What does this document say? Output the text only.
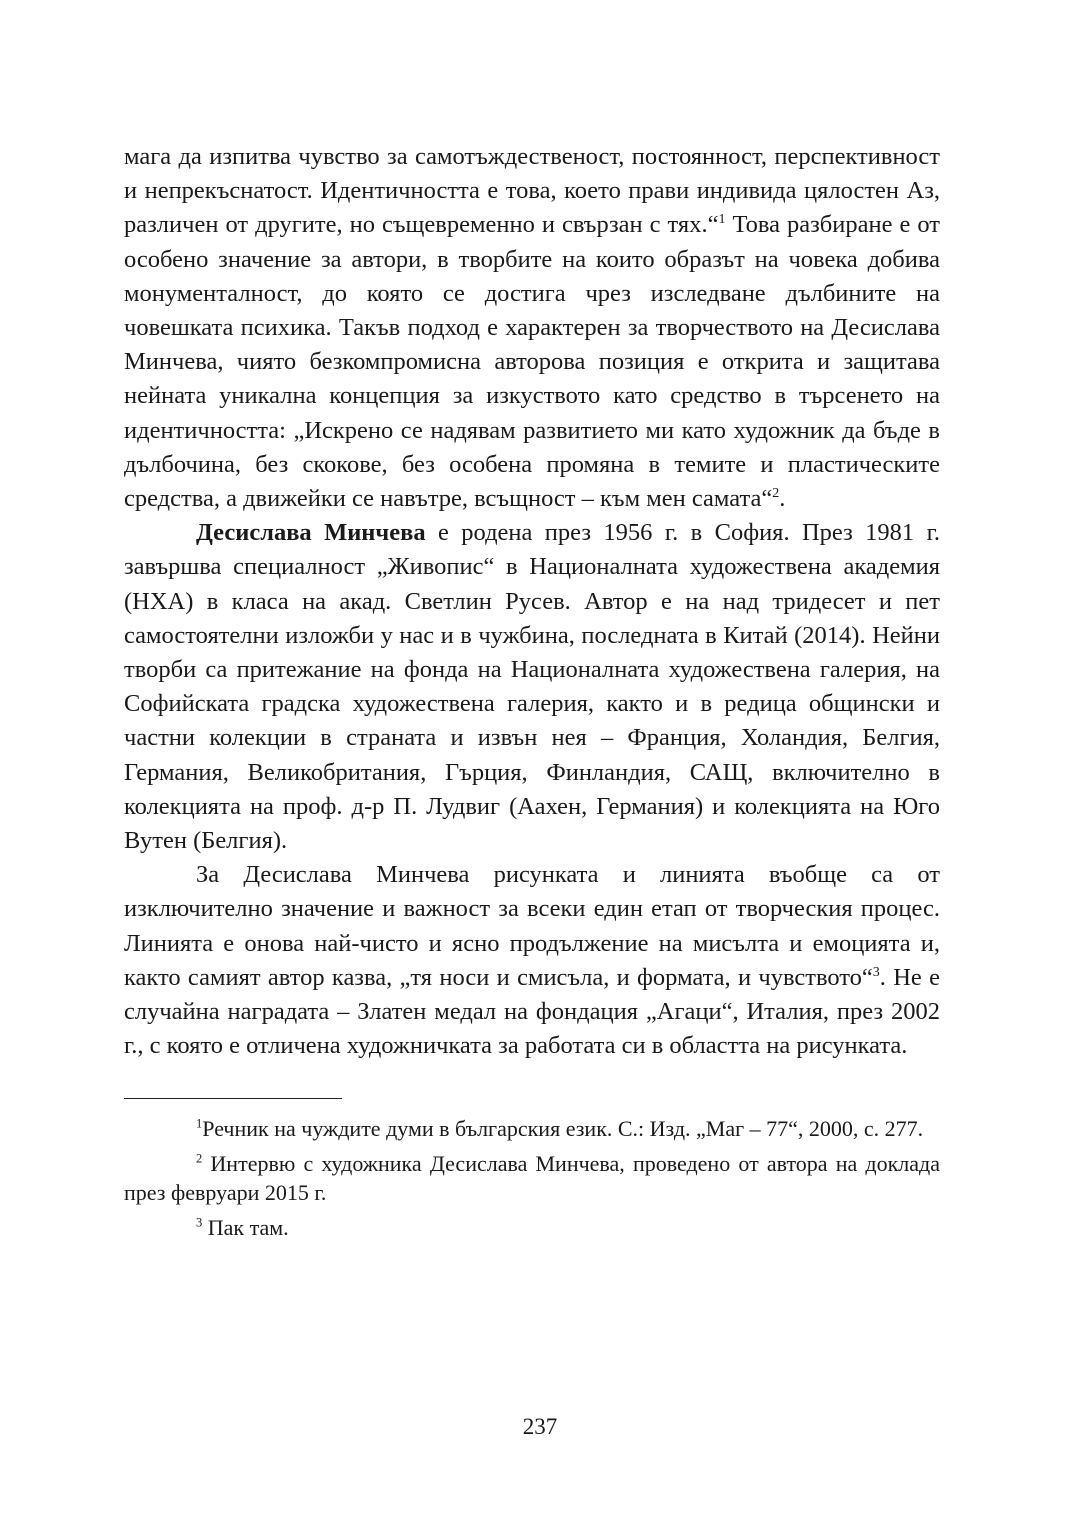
мага да изпитва чувство за самотъждественост, постоянност, перспективност и непрекъснатост. Идентичността е това, което прави индивида цялостен Аз, различен от другите, но същевременно и свързан с тях.“$^1$ Това разбиране е от особено значение за автори, в творбите на които образът на човека добива монументалност, до която се достига чрез изследване дълбините на човешката психика. Такъв подход е характерен за творчеството на Десислава Минчева, чиято безкомпромисна авторова позиция е открита и защитава нейната уникална концепция за изкуството като средство в търсенето на идентичността: „Искрено се надявам развитието ми като художник да бъде в дълбочина, без скокове, без особена промяна в темите и пластическите средства, а движейки се навътре, всъщност – към мен самата“$^2$.

Десислава Минчева е родена през 1956 г. в София. През 1981 г. завършва специалност „Живопис“ в Националната художествена академия (НХА) в класа на акад. Светлин Русев. Автор е на над тридесет и пет самостоятелни изложби у нас и в чужбина, последната в Китай (2014). Нейни творби са притежание на фонда на Националната художествена галерия, на Софийската градска художествена галерия, както и в редица общински и частни колекции в страната и извън нея – Франция, Холандия, Белгия, Германия, Великобритания, Гърция, Финландия, САЩ, включително в колекцията на проф. д-р П. Лудвиг (Аахен, Германия) и колекцията на Юго Вутен (Белгия).

За Десислава Минчева рисунката и линията въобще са от изключително значение и важност за всеки един етап от творческия процес. Линията е онова най-чисто и ясно продължение на мисълта и емоцията и, както самият автор казва, „тя носи и смисъла, и формата, и чувството“$^3$. Не е случайна наградата – Златен медал на фондация „Агаци“, Италия, през 2002 г., с която е отличена художничката за работата си в областта на рисунката.

$^1$Речник на чуждите думи в българския език. С.: Изд. „Маг – 77“, 2000, с. 277.

$^2$ Интервю с художника Десислава Минчева, проведено от автора на доклада през февруари 2015 г.

$^3$ Пак там.

237
